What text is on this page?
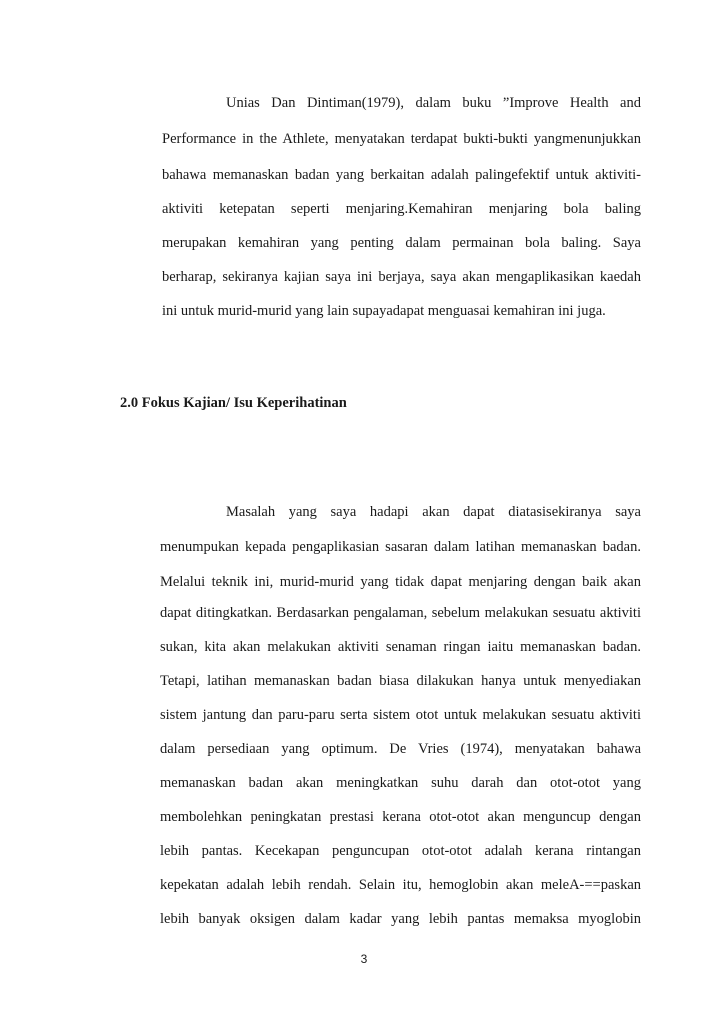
Unias Dan Dintiman(1979), dalam buku ”Improve Health and
Performance in the Athlete, menyatakan terdapat bukti-bukti yangmenunjukkan
bahawa memanaskan badan yang berkaitan adalah palingefektif untuk aktiviti-
aktiviti ketepatan seperti menjaring.Kemahiran menjaring bola baling
merupakan kemahiran yang penting dalam permainan bola baling. Saya
berharap, sekiranya kajian saya ini berjaya, saya akan mengaplikasikan kaedah
ini untuk murid-murid yang lain supayadapat menguasai kemahiran ini juga.
2.0 Fokus Kajian/ Isu Keperihatinan
Masalah yang saya hadapi akan dapat diatasisekiranya saya
menumpukan kepada pengaplikasian sasaran dalam latihan memanaskan badan.
Melalui teknik ini, murid-murid yang tidak dapat menjaring dengan baik akan
dapat ditingkatkan. Berdasarkan pengalaman, sebelum melakukan sesuatu aktiviti
sukan, kita akan melakukan aktiviti senaman ringan iaitu memanaskan badan.
Tetapi, latihan memanaskan badan biasa dilakukan hanya untuk menyediakan
sistem jantung dan paru-paru serta sistem otot untuk melakukan sesuatu aktiviti
dalam persediaan yang optimum. De Vries (1974), menyatakan bahawa
memanaskan badan akan meningkatkan suhu darah dan otot-otot yang
membolehkan peningkatan prestasi kerana otot-otot akan menguncup dengan
lebih pantas. Kecekapan penguncupan otot-otot adalah kerana rintangan
kepekatan adalah lebih rendah. Selain itu, hemoglobin akan meleA-==paskan
lebih banyak oksigen dalam kadar yang lebih pantas memaksa myoglobin
3
